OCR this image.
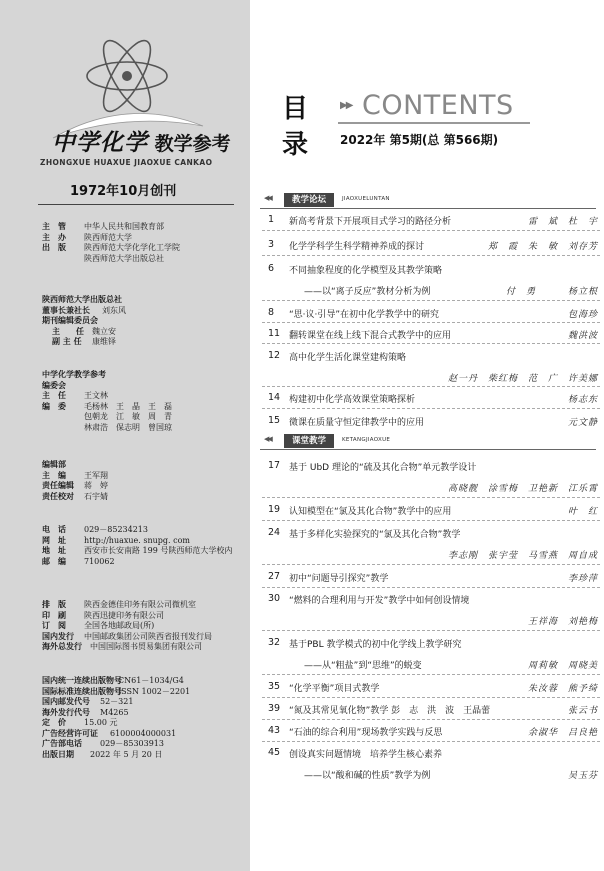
中学化学 教学参考
ZHONGXUE HUAXUE JIAOXUE CANKAO
1972年10月创刊
主　管	中华人民共和国教育部
主　办	陕西师范大学
出　版	陕西师范大学化学化工学院
陕西师范大学出版总社
陕西师范大学出版总社
董事长兼社长	刘东风
期刊编辑委员会
主　　任	魏立安
副 主 任	康维铎
中学化学教学参考
编委会
主　任	王文林
编　委	毛杨林　王　晶　王　磊
包朝龙　江　敏　周　青
林肃浩　保志明　曾国琼
编辑部
主　编	王军翔
责任编辑	蒋　婷
责任校对	石宇婧
电　话	029－85234213
网　址	http://huaxue. snupg. com
地　址	西安市长安南路 199 号陕西师范大学校内
邮　编	710062
排　版	陕西金德佳印务有限公司微机室
印　刷	陕西迅捷印务有限公司
订　阅	全国各地邮政局(所)
国内发行	中国邮政集团公司陕西省报刊发行局
海外总发行	中国国际图书贸易集团有限公司
国内统一连续出版物号
CN61－1034/G4
国际标准连续出版物号
ISSN 1002－2201
国内邮发代号	52－321
海外发行代号	M4265
定　价	15.00 元
广告经营许可证	6100004000031
广告部电话	029－85303913
出版日期	2022 年 5 月 20 日
目
录
▶▶ CONTENTS
2022年 第5期(总 第566期)
◀◀	教学论坛	JIAOXUELUNTAN
1 新高考背景下开展项目式学习的路径分析	雷　斌　杜　宇
3 化学学科学生科学精神养成的探讨	郑　霞　朱　敏　刘存芳
6 不同抽象程度的化学模型及其教学策略
——以“离子反应”教材分析为例	付　勇	杨立根
8 “思·议·引导”在初中化学教学中的研究	包海珍
11 翻转课堂在线上线下混合式教学中的应用	魏洪波
12 高中化学生活化课堂建构策略
赵一丹　柴红梅　范　广　许美娜
14 构建初中化学高效课堂策略探析	杨志东
15 微课在质量守恒定律教学中的应用	元文静
◀◀	课堂教学	KETANGJIAOXUE
17 基于 UbD 理论的“硫及其化合物”单元教学设计
高晓靓　涂雪梅　卫艳新　江乐霄
19 认知模型在“氯及其化合物”教学中的应用	叶　红
24 基于多样化实验探究的“氯及其化合物”教学
李志刚　张宇莹　马雪燕　周自成
27 初中“问题导引探究”教学	李珍萍
30 “燃料的合理利用与开发”教学中如何创设情境
王祥海　刘艳梅
32 基于PBL 教学模式的初中化学线上教学研究
——从“粗盐”到“思维”的蜕变	周莉敏　周晓美
35 “化学平衡”项目式教学	朱汝蓉　熊予绮
39 “氮及其常见氧化物”教学 彭　志　洪　波　王晶蕾	张云书
43 “石油的综合利用”现场教学实践与反思	余淑华　吕良艳
45 创设真实问题情境　培养学生核心素养
——以“酸和碱的性质”教学为例	吴玉芬
